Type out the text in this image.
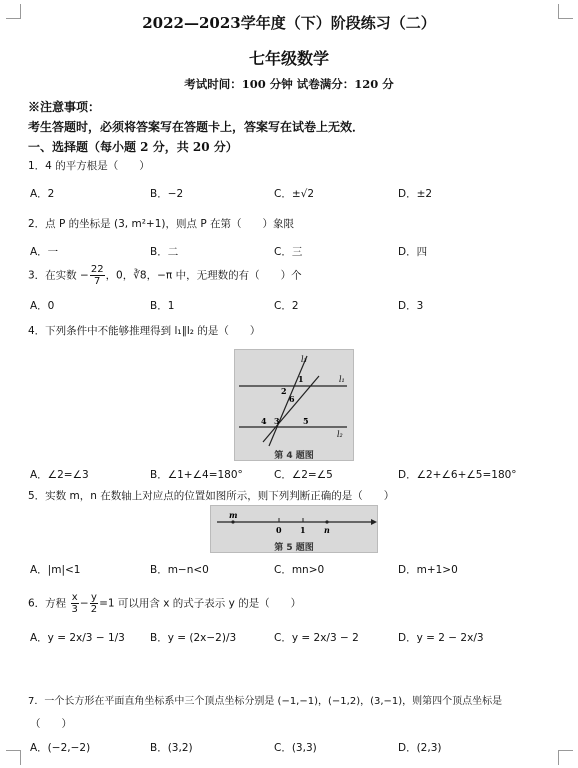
2022—2023学年度（下）阶段练习（二）
七年级数学
考试时间：100 分钟 试卷满分：120 分
※注意事项：
考生答题时，必须将答案写在答题卡上，答案写在试卷上无效．
一、选择题（每小题 2 分，共 20 分）
1．4 的平方根是（　　）
A．2	B．−2	C．±√2	D．±2
2．点 P 的坐标是 (3, m²+1)，则点 P 在第（　　）象限
A．一	B．二	C．三	D．四
3．在实数 − $\frac{22}{7}$ ，0，∛8，−π 中，无理数的有（　　）个
A．0	B．1	C．2	D．3
4．下列条件中不能够推理得到 l₁∥l₂ 的是（　　）
l₃
l₁
l₂
1
2
6
4 3	5
第 4 题图
A．∠2=∠3	B．∠1+∠4=180°	C．∠2=∠5	D．∠2+∠6+∠5=180°
5．实数 m，n 在数轴上对应点的位置如图所示，则下列判断正确的是（　　）
m
0 1 n
第 5 题图
A．|m|<1	B．m−n<0	C．mn>0	D．m+1>0
6．方程 $\frac{x}{3} - \frac{y}{2} =1$ 可以用含 x 的式子表示 y 的是（　　）
A．y = 2x/3 − 1/3 B．y = (2x−2)/3	C．y = 2x/3 − 2	D．y = 2 − 2x/3
7．一个长方形在平面直角坐标系中三个顶点坐标分别是 (−1,−1)，(−1,2)，(3,−1)，则第四个顶点坐标是
（　　）
A．(−2,−2)	B．(3,2)	C．(3,3)	D．(2,3)
